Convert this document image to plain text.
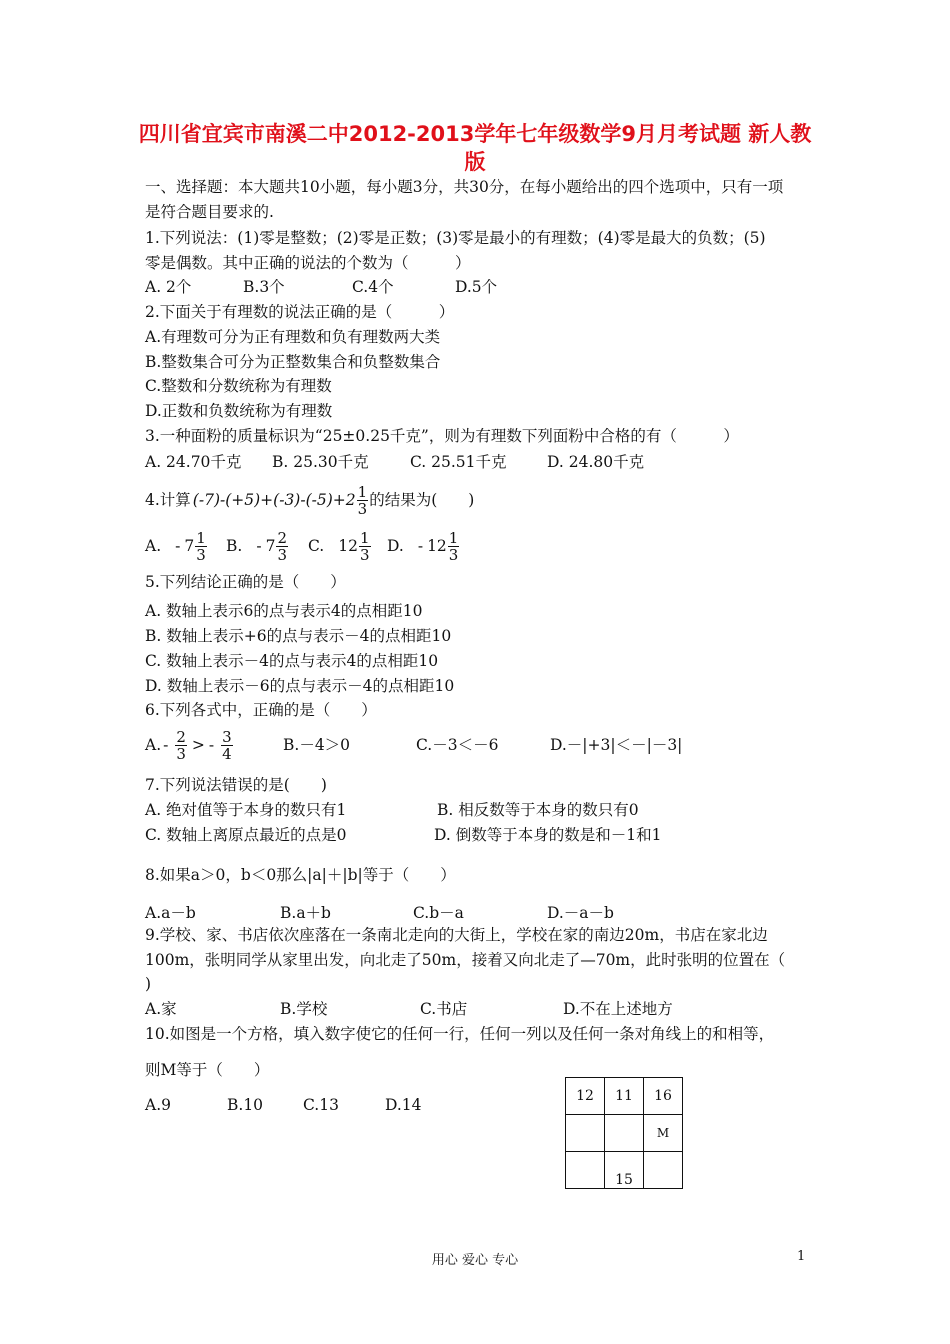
四川省宜宾市南溪二中2012-2013学年七年级数学9月月考试题 新人教版
一、选择题：本大题共10小题，每小题3分，共30分，在每小题给出的四个选项中，只有一项
是符合题目要求的.
1.下列说法：(1)零是整数；(2)零是正数；(3)零是最小的有理数；(4)零是最大的负数；(5)
零是偶数。其中正确的说法的个数为（　　　）
A. 2个	B.3个	C.4个	D.5个
2.下面关于有理数的说法正确的是（　　　）
A.有理数可分为正有理数和负有理数两大类
B.整数集合可分为正整数集合和负整数集合
C.整数和分数统称为有理数
D.正数和负数统称为有理数
3.一种面粉的质量标识为“25±0.25千克”，则为有理数下列面粉中合格的有（　　　）
A. 24.70千克 B. 25.30千克	C. 25.51千克	D. 24.80千克
4.计算 $(-7)-(+5)+(-3)-(-5)+2 \frac{1}{3}$ 的结果为(　　)
A. - $7 \frac{1}{3} B$. - $7 \frac{2}{3} C$. $12 \frac{1}{3} D$. - $12 \frac{1}{3}$
5.下列结论正确的是（　　）
A. 数轴上表示6的点与表示4的点相距10
B. 数轴上表示+6的点与表示－4的点相距10
C. 数轴上表示－4的点与表示4的点相距10
D. 数轴上表示－6的点与表示－4的点相距10
6.下列各式中，正确的是（　　）
A. - $\frac{2}{3}$ > - $\frac{3}{4}$	B.－4＞0	C.－3＜－6	D.－|+3|＜－|－3|
7.下列说法错误的是(　　)
A. 绝对值等于本身的数只有1	B. 相反数等于本身的数只有0
C. 数轴上离原点最近的点是0	D. 倒数等于本身的数是和－1和1
8.如果a＞0，b＜0那么|a|＋|b|等于（　　）
A.a－b	B.a＋b	C.b－a	D.－a－b
9.学校、家、书店依次座落在一条南北走向的大街上，学校在家的南边20m，书店在家北边
100m，张明同学从家里出发，向北走了50m，接着又向北走了—70m，此时张明的位置在（
)
A.家	B.学校	C.书店	D.不在上述地方
10.如图是一个方格，填入数字使它的任何一行，任何一列以及任何一条对角线上的和相等，
则M等于（　　）
A.9	B.10	C.13	D.14	12	11	16
		M
	15	
用心 爱心 专心	1
